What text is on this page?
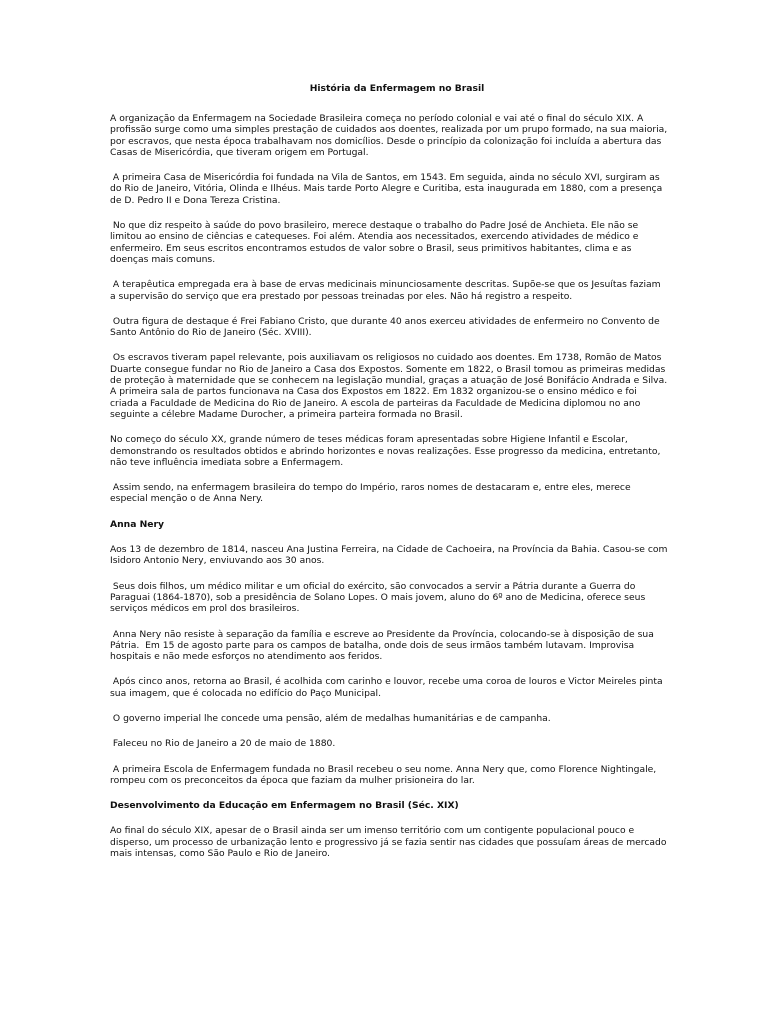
História da Enfermagem no Brasil
A organização da Enfermagem na Sociedade Brasileira começa no período colonial e vai até o final do século XIX. A profissão surge como uma simples prestação de cuidados aos doentes, realizada por um prupo formado, na sua maioria, por escravos, que nesta época trabalhavam nos domicílios. Desde o princípio da colonização foi incluída a abertura das Casas de Misericórdia, que tiveram origem em Portugal.
A primeira Casa de Misericórdia foi fundada na Vila de Santos, em 1543. Em seguida, ainda no século XVI, surgiram as do Rio de Janeiro, Vitória, Olinda e Ilhéus. Mais tarde Porto Alegre e Curitiba, esta inaugurada em 1880, com a presença de D. Pedro II e Dona Tereza Cristina.
No que diz respeito à saúde do povo brasileiro, merece destaque o trabalho do Padre José de Anchieta. Ele não se limitou ao ensino de ciências e catequeses. Foi além. Atendia aos necessitados, exercendo atividades de médico e enfermeiro. Em seus escritos encontramos estudos de valor sobre o Brasil, seus primitivos habitantes, clima e as doenças mais comuns.
A terapêutica empregada era à base de ervas medicinais minunciosamente descritas. Supõe-se que os Jesuítas faziam a supervisão do serviço que era prestado por pessoas treinadas por eles. Não há registro a respeito.
Outra figura de destaque é Frei Fabiano Cristo, que durante 40 anos exerceu atividades de enfermeiro no Convento de Santo Antônio do Rio de Janeiro (Séc. XVIII).
Os escravos tiveram papel relevante, pois auxiliavam os religiosos no cuidado aos doentes. Em 1738, Romão de Matos Duarte consegue fundar no Rio de Janeiro a Casa dos Expostos. Somente em 1822, o Brasil tomou as primeiras medidas de proteção à maternidade que se conhecem na legislação mundial, graças a atuação de José Bonifácio Andrada e Silva. A primeira sala de partos funcionava na Casa dos Expostos em 1822. Em 1832 organizou-se o ensino médico e foi criada a Faculdade de Medicina do Rio de Janeiro. A escola de parteiras da Faculdade de Medicina diplomou no ano seguinte a célebre Madame Durocher, a primeira parteira formada no Brasil.
No começo do século XX, grande número de teses médicas foram apresentadas sobre Higiene Infantil e Escolar, demonstrando os resultados obtidos e abrindo horizontes e novas realizações. Esse progresso da medicina, entretanto, não teve influência imediata sobre a Enfermagem.
Assim sendo, na enfermagem brasileira do tempo do Império, raros nomes de destacaram e, entre eles, merece especial menção o de Anna Nery.
Anna Nery
Aos 13 de dezembro de 1814, nasceu Ana Justina Ferreira, na Cidade de Cachoeira, na Província da Bahia. Casou-se com Isidoro Antonio Nery, enviuvando aos 30 anos.
Seus dois filhos, um médico militar e um oficial do exército, são convocados a servir a Pátria durante a Guerra do Paraguai (1864-1870), sob a presidência de Solano Lopes. O mais jovem, aluno do 6º ano de Medicina, oferece seus serviços médicos em prol dos brasileiros.
Anna Nery não resiste à separação da família e escreve ao Presidente da Província, colocando-se à disposição de sua Pátria.  Em 15 de agosto parte para os campos de batalha, onde dois de seus irmãos também lutavam. Improvisa hospitais e não mede esforços no atendimento aos feridos.
Após cinco anos, retorna ao Brasil, é acolhida com carinho e louvor, recebe uma coroa de louros e Victor Meireles pinta sua imagem, que é colocada no edifício do Paço Municipal.
O governo imperial lhe concede uma pensão, além de medalhas humanitárias e de campanha.
Faleceu no Rio de Janeiro a 20 de maio de 1880.
A primeira Escola de Enfermagem fundada no Brasil recebeu o seu nome. Anna Nery que, como Florence Nightingale, rompeu com os preconceitos da época que faziam da mulher prisioneira do lar.
Desenvolvimento da Educação em Enfermagem no Brasil (Séc. XIX)
Ao final do século XIX, apesar de o Brasil ainda ser um imenso território com um contigente populacional pouco e disperso, um processo de urbanização lento e progressivo já se fazia sentir nas cidades que possuíam áreas de mercado mais intensas, como São Paulo e Rio de Janeiro.
